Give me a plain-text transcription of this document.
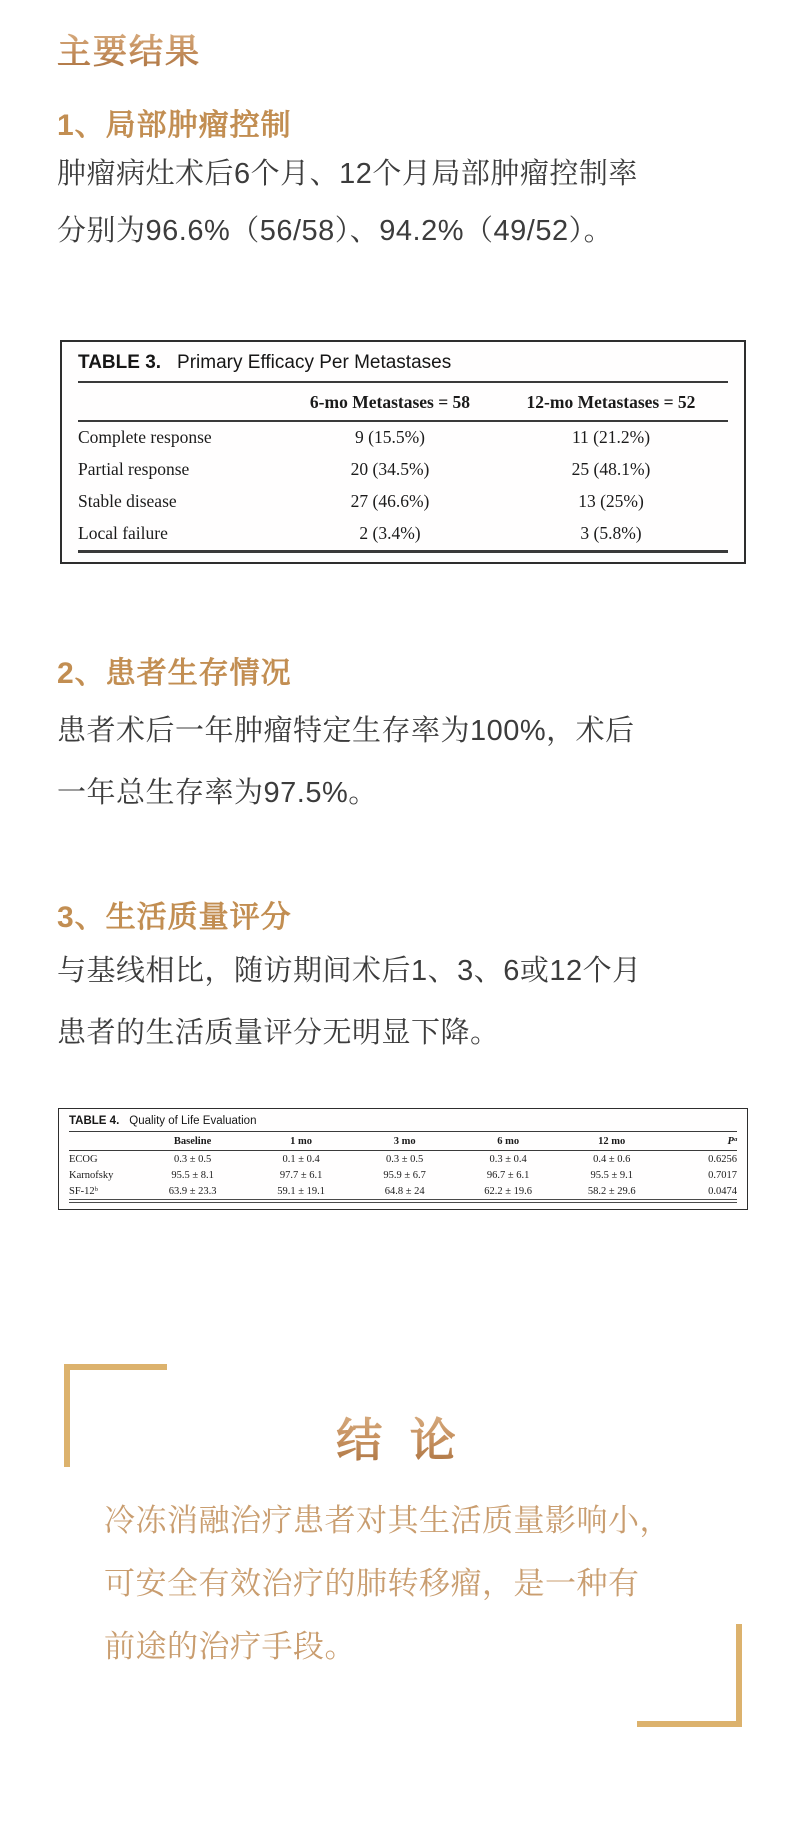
主要结果
1、局部肿瘤控制
肿瘤病灶术后6个月、12个月局部肿瘤控制率
分别为96.6%（56/58）、94.2%（49/52）。
TABLE 3. Primary Efficacy Per Metastases
	6-mo Metastases = 58	12-mo Metastases = 52
Complete response	9 (15.5%)	11 (21.2%)
Partial response	20 (34.5%)	25 (48.1%)
Stable disease	27 (46.6%)	13 (25%)
Local failure	2 (3.4%)	3 (5.8%)
2、患者生存情况
患者术后一年肿瘤特定生存率为100%，术后
一年总生存率为97.5%。
3、生活质量评分
与基线相比，随访期间术后1、3、6或12个月
患者的生活质量评分无明显下降。
TABLE 4. Quality of Life Evaluation
	Baseline	1 mo	3 mo	6 mo	12 mo	Pᵃ
ECOG	0.3 ± 0.5	0.1 ± 0.4	0.3 ± 0.5	0.3 ± 0.4	0.4 ± 0.6	0.6256
Karnofsky	95.5 ± 8.1	97.7 ± 6.1	95.9 ± 6.7	96.7 ± 6.1	95.5 ± 9.1	0.7017
SF-12ᵇ	63.9 ± 23.3	59.1 ± 19.1	64.8 ± 24	62.2 ± 19.6	58.2 ± 29.6	0.0474
结 论
冷冻消融治疗患者对其生活质量影响小，
可安全有效治疗的肺转移瘤，是一种有
前途的治疗手段。
